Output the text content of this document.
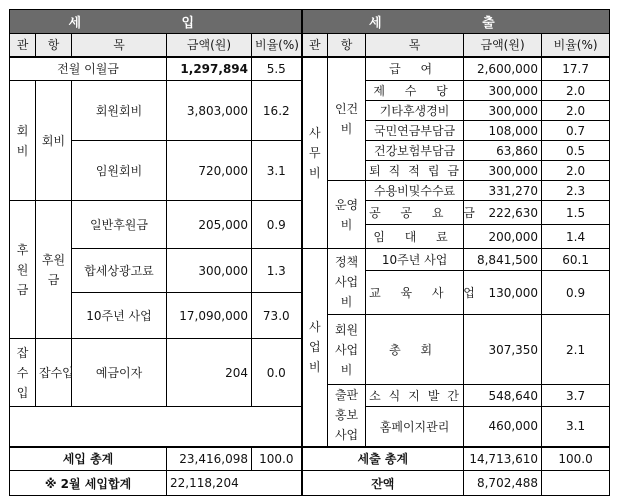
세 입					세 출				
관	항	목	금액(원)	비율(%)	관	항	목	금액(원)	비율(%)
전월 이월금			1,297,894	5.5	사무비	인건비	급 여	2,600,000	17.7
회비	회비	회원회비	3,803,000	16.2			제 수 당	300,000	2.0
							기타후생경비	300,000	2.0
							국민연금부담금	108,000	0.7
		임원회비	720,000	3.1			건강보험부담금	63,860	0.5
							퇴직적립금	300,000	2.0
						운영비	수용비및수수료	331,270	2.3
후원금	후원금	일반후원금	205,000	0.9			공 공 요 금	222,630	1.5
							임 대 료	200,000	1.4
		합세상광고료	300,000	1.3	사업비	정책사업비	10주년 사업	8,841,500	60.1
							교 육 사 업	130,000	0.9
		10주년 사업	17,090,000	73.0					
						회원사업비	총 회	307,350	2.1
잡수입	잡수입	예금이자	204	0.0					

						출판홍보사업	소식지발간	548,640	3.7
							홈페이지관리	460,000	3.1

세입 총계			23,416,098	100.0	세출 총계			14,713,610	100.0
※ 2월 세입합계			22,118,204		잔액			8,702,488	
